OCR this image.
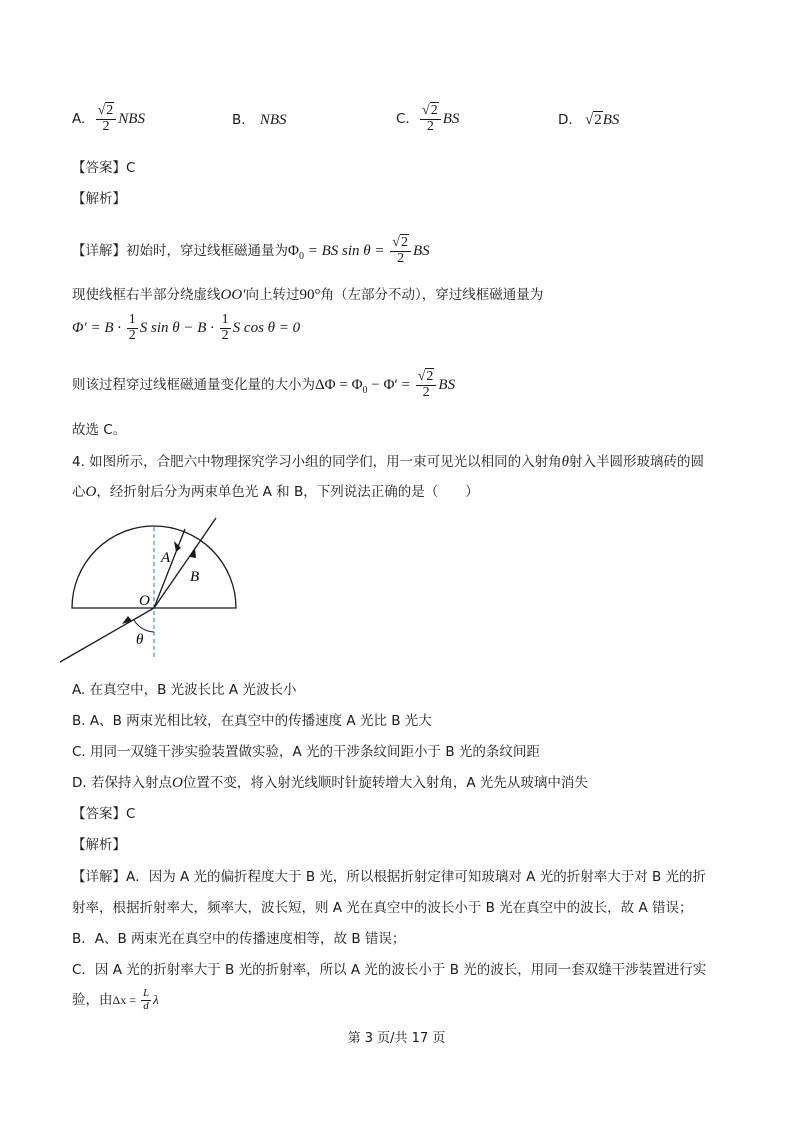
A. $\frac{√2}{2}$ NBS	B. NBS	C. $\frac{√2}{2}$ BS	D. √2BS
【答案】C
【解析】
【详解】初始时，穿过线框磁通量为$\Phi_0$ = BS $\sin \theta = \frac{√2}{2}$ BS
现使线框右半部分绕虚线OO′向上转过90°角（左部分不动），穿过线框磁通量为
$\Phi' = B \cdot \frac{1}{2}$ S $\sin \theta - B \cdot \frac{1}{2}$ S cos θ = 0
则该过程穿过线框磁通量变化量的大小为$\Delta\Phi = \Phi_0 - \Phi' = \frac{√2}{2}$ BS
故选 C。
4. 如图所示，合肥六中物理探究学习小组的同学们，用一束可见光以相同的入射角θ射入半圆形玻璃砖的圆
心O，经折射后分为两束单色光 A 和 B，下列说法正确的是（　　）
A
B
O
θ
A. 在真空中，B 光波长比 A 光波长小
B. A、B 两束光相比较，在真空中的传播速度 A 光比 B 光大
C. 用同一双缝干涉实验装置做实验，A 光的干涉条纹间距小于 B 光的条纹间距
D. 若保持入射点O位置不变，将入射光线顺时针旋转增大入射角，A 光先从玻璃中消失
【答案】C
【解析】
【详解】A．因为 A 光的偏折程度大于 B 光，所以根据折射定律可知玻璃对 A 光的折射率大于对 B 光的折
射率，根据折射率大，频率大，波长短，则 A 光在真空中的波长小于 B 光在真空中的波长，故 A 错误；
B．A、B 两束光在真空中的传播速度相等，故 B 错误；
C．因 A 光的折射率大于 B 光的折射率，所以 A 光的波长小于 B 光的波长，用同一套双缝干涉装置进行实
验，由$\Delta x = \frac{L}{d}$ λ
第 3 页/共 17 页
